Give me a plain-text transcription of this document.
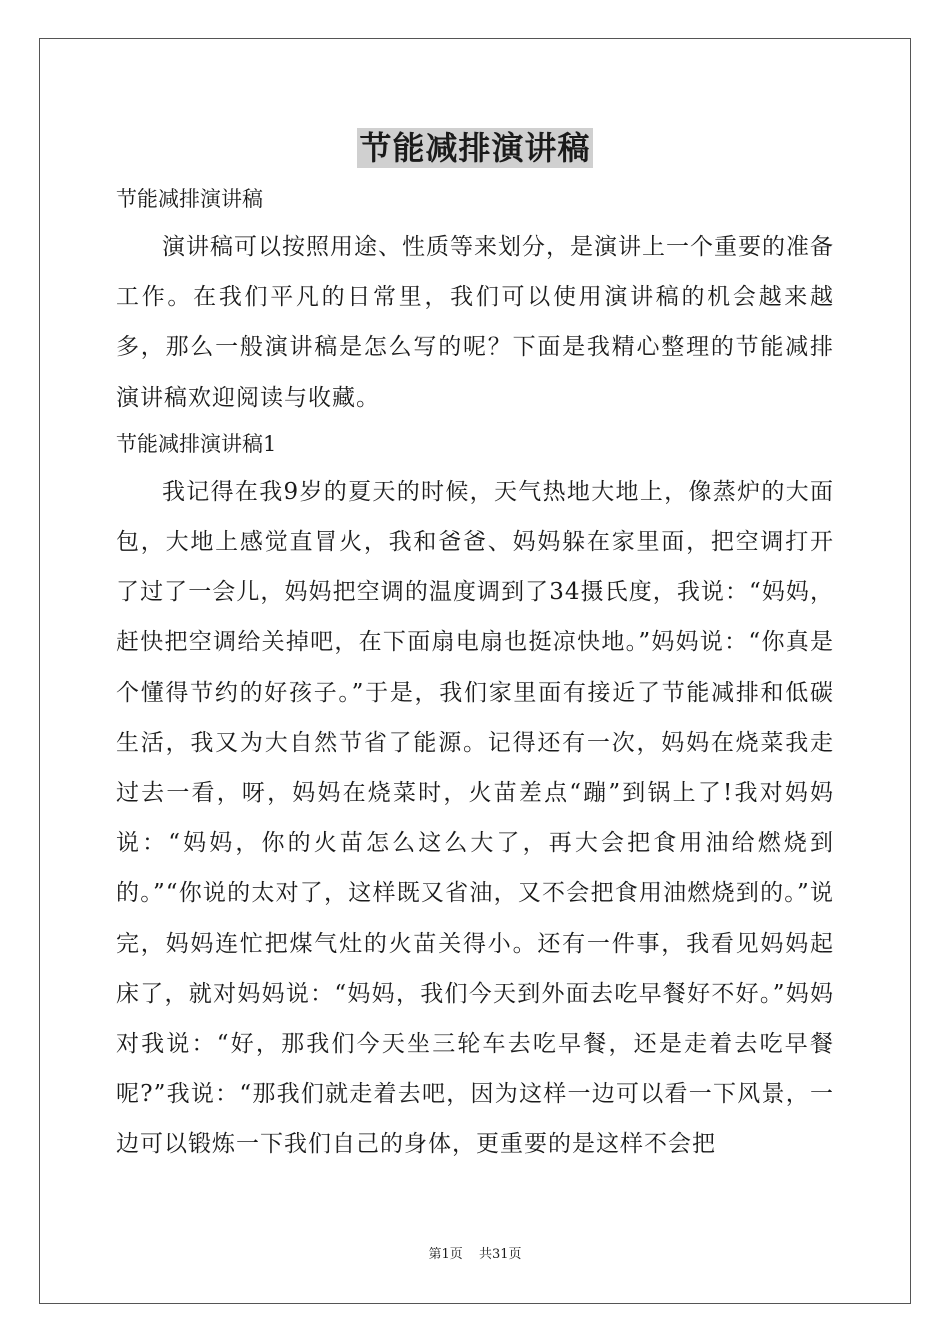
节能减排演讲稿

节能减排演讲稿

演讲稿可以按照用途、性质等来划分，是演讲上一个重要的准备工作。在我们平凡的日常里，我们可以使用演讲稿的机会越来越多，那么一般演讲稿是怎么写的呢？下面是我精心整理的节能减排演讲稿欢迎阅读与收藏。

节能减排演讲稿1

我记得在我9岁的夏天的时候，天气热地大地上，像蒸炉的大面包，大地上感觉直冒火，我和爸爸、妈妈躲在家里面，把空调打开了过了一会儿，妈妈把空调的温度调到了34摄氏度，我说：“妈妈，赶快把空调给关掉吧，在下面扇电扇也挺凉快地。”妈妈说：“你真是个懂得节约的好孩子。”于是，我们家里面有接近了节能减排和低碳生活，我又为大自然节省了能源。记得还有一次，妈妈在烧菜我走过去一看，呀，妈妈在烧菜时，火苗差点“蹦”到锅上了!我对妈妈说：“妈妈，你的火苗怎么这么大了，再大会把食用油给燃烧到的。”“你说的太对了，这样既又省油，又不会把食用油燃烧到的。”说完，妈妈连忙把煤气灶的火苗关得小。还有一件事，我看见妈妈起床了，就对妈妈说：“妈妈，我们今天到外面去吃早餐好不好。”妈妈对我说：“好，那我们今天坐三轮车去吃早餐，还是走着去吃早餐呢?”我说：“那我们就走着去吧，因为这样一边可以看一下风景，一边可以锻炼一下我们自己的身体，更重要的是这样不会把

第1页 共31页
